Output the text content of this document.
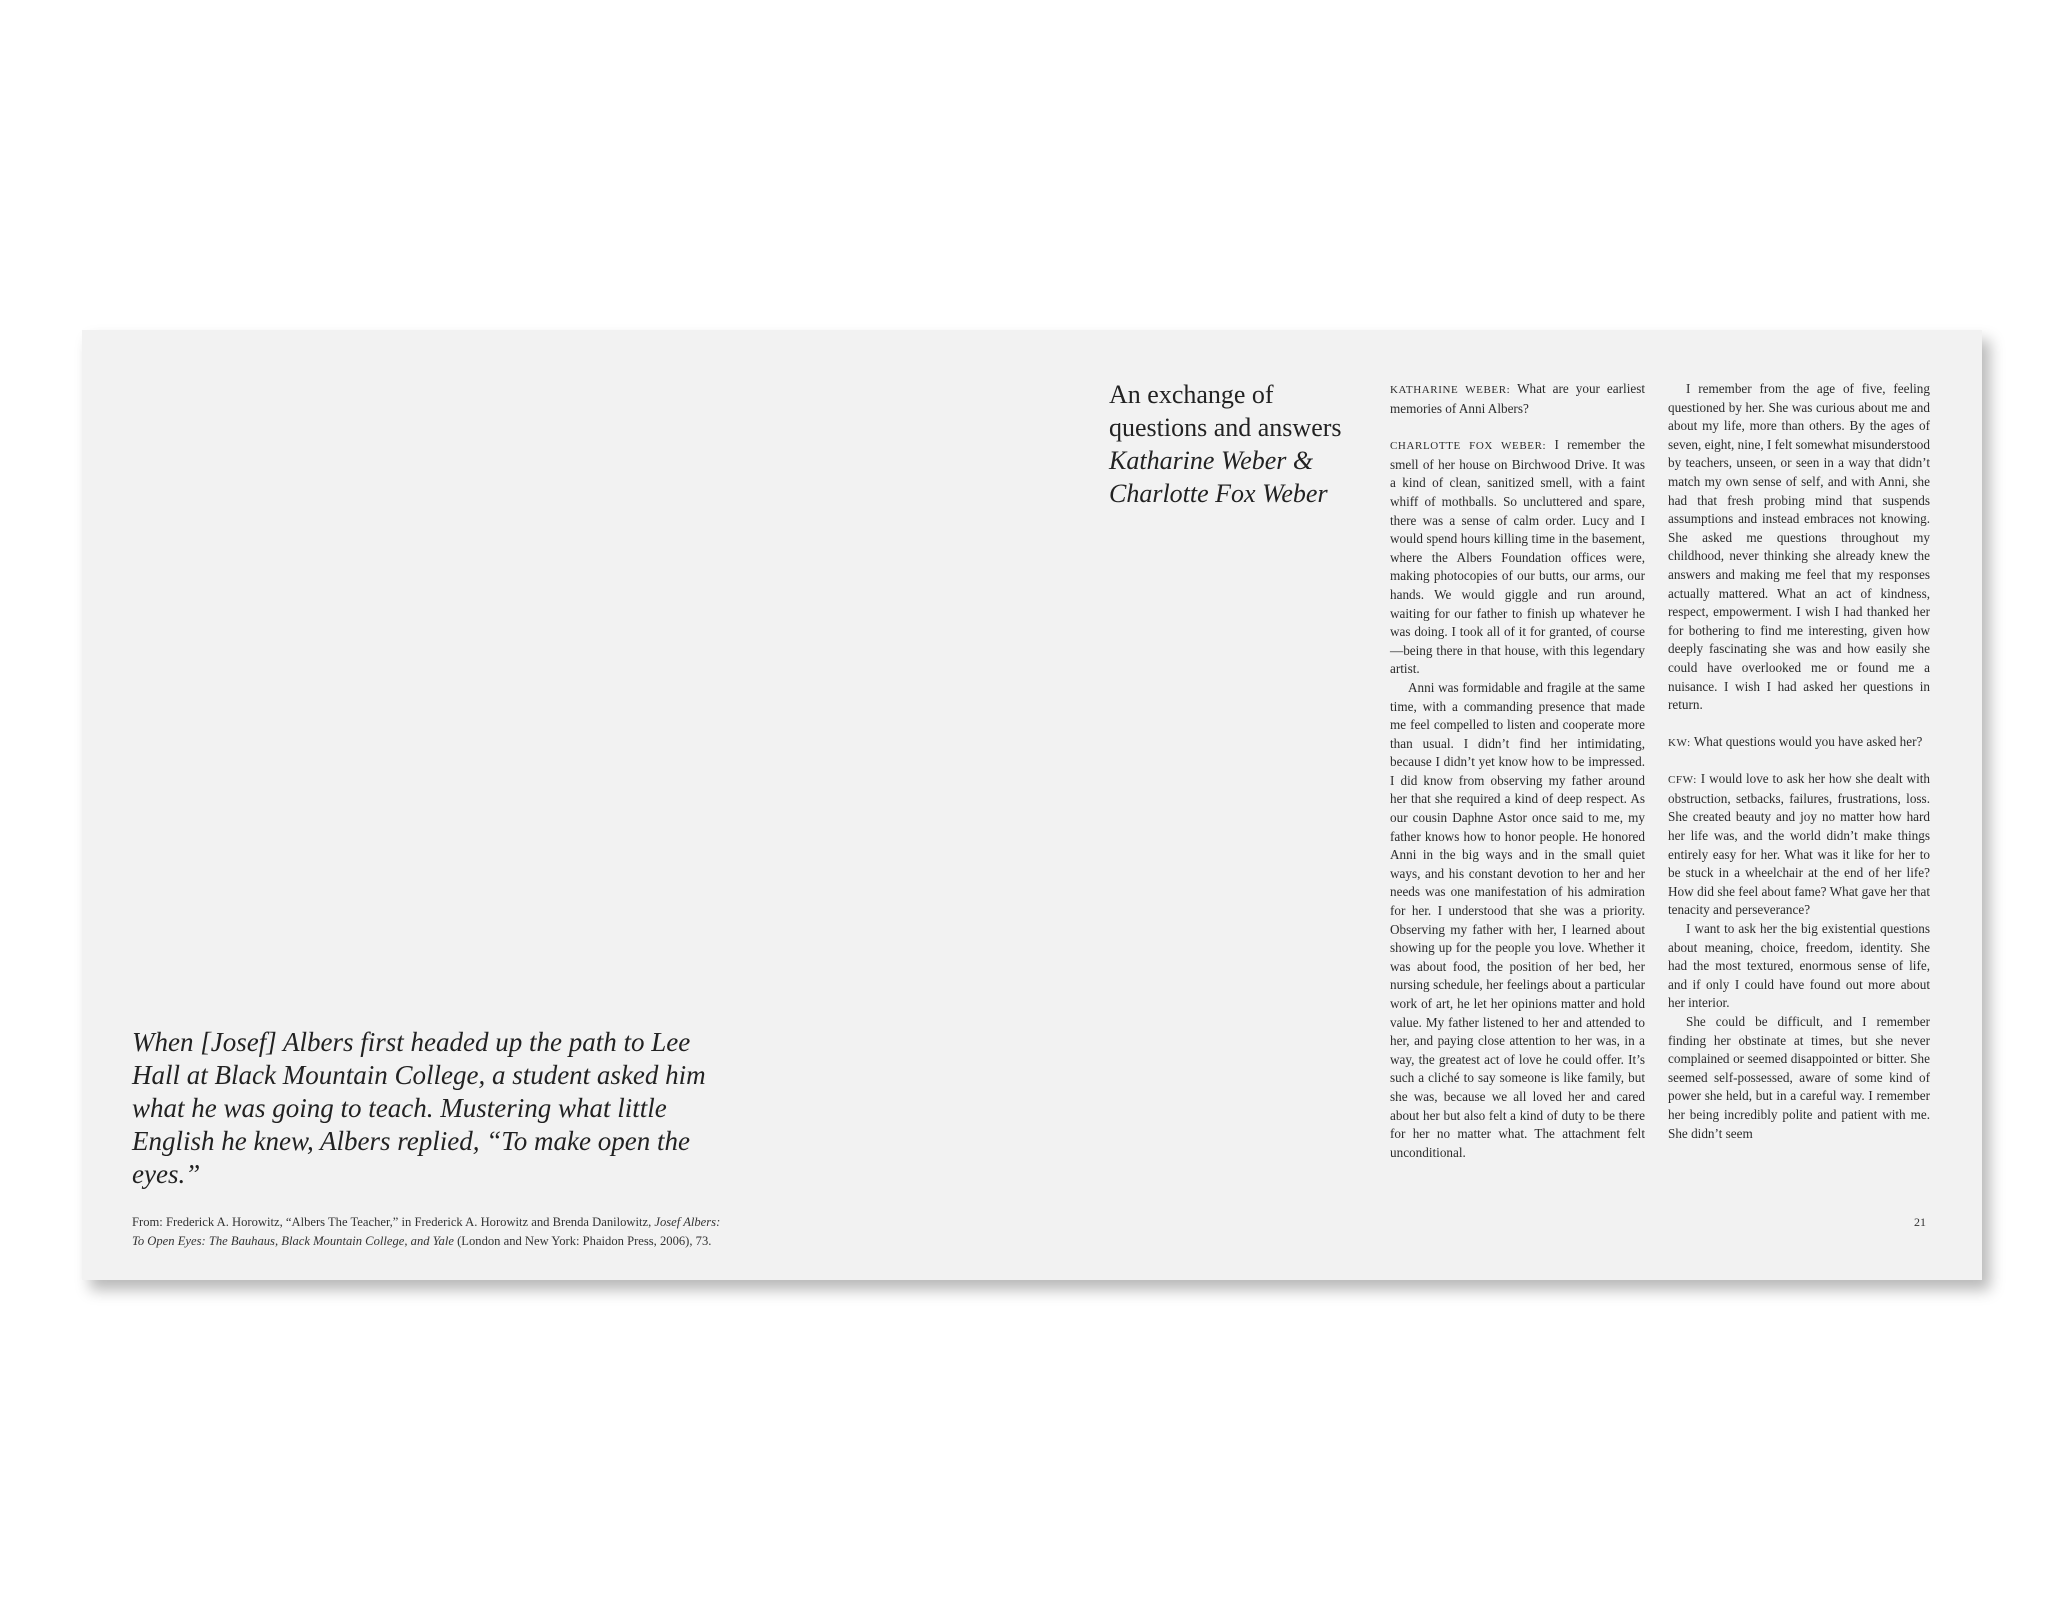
When [Josef] Albers first headed up the path to Lee Hall at Black Mountain College, a student asked him what he was going to teach. Mustering what little English he knew, Albers replied, “To make open the eyes.”

From: Frederick A. Horowitz, “Albers The Teacher,” in Frederick A. Horowitz and Brenda Danilowitz, Josef Albers: To Open Eyes: The Bauhaus, Black Mountain College, and Yale (London and New York: Phaidon Press, 2006), 73.
An exchange of
questions and answers
Katharine Weber &
Charlotte Fox Weber

KATHARINE WEBER: What are your earliest memories of Anni Albers?

CHARLOTTE FOX WEBER: I remember the smell of her house on Birchwood Drive. It was a kind of clean, sanitized smell, with a faint whiff of mothballs. So uncluttered and spare, there was a sense of calm order. Lucy and I would spend hours killing time in the basement, where the Albers Foundation offices were, making photocopies of our butts, our arms, our hands. We would giggle and run around, waiting for our father to finish up whatever he was doing. I took all of it for granted, of course—being there in that house, with this legendary artist.

Anni was formidable and fragile at the same time, with a commanding presence that made me feel compelled to listen and cooperate more than usual. I didn’t find her intimidating, because I didn’t yet know how to be impressed. I did know from observing my father around her that she required a kind of deep respect. As our cousin Daphne Astor once said to me, my father knows how to honor people. He honored Anni in the big ways and in the small quiet ways, and his constant devotion to her and her needs was one manifestation of his admiration for her. I understood that she was a priority. Observing my father with her, I learned about showing up for the people you love. Whether it was about food, the position of her bed, her nursing schedule, her feelings about a particular work of art, he let her opinions matter and hold value. My father listened to her and attended to her, and paying close attention to her was, in a way, the greatest act of love he could offer. It’s such a cliché to say someone is like family, but she was, because we all loved her and cared about her but also felt a kind of duty to be there for her no matter what. The attachment felt unconditional.

I remember from the age of five, feeling questioned by her. She was curious about me and about my life, more than others. By the ages of seven, eight, nine, I felt somewhat misunderstood by teachers, unseen, or seen in a way that didn’t match my own sense of self, and with Anni, she had that fresh probing mind that suspends assumptions and instead embraces not knowing. She asked me questions throughout my childhood, never thinking she already knew the answers and making me feel that my responses actually mattered. What an act of kindness, respect, empowerment. I wish I had thanked her for bothering to find me interesting, given how deeply fascinating she was and how easily she could have overlooked me or found me a nuisance. I wish I had asked her questions in return.

KW: What questions would you have asked her?

CFW: I would love to ask her how she dealt with obstruction, setbacks, failures, frustrations, loss. She created beauty and joy no matter how hard her life was, and the world didn’t make things entirely easy for her. What was it like for her to be stuck in a wheelchair at the end of her life? How did she feel about fame? What gave her that tenacity and perseverance?

I want to ask her the big existential questions about meaning, choice, freedom, identity. She had the most textured, enormous sense of life, and if only I could have found out more about her interior.

She could be difficult, and I remember finding her obstinate at times, but she never complained or seemed disappointed or bitter. She seemed self-possessed, aware of some kind of power she held, but in a careful way. I remember her being incredibly polite and patient with me. She didn’t seem

21
